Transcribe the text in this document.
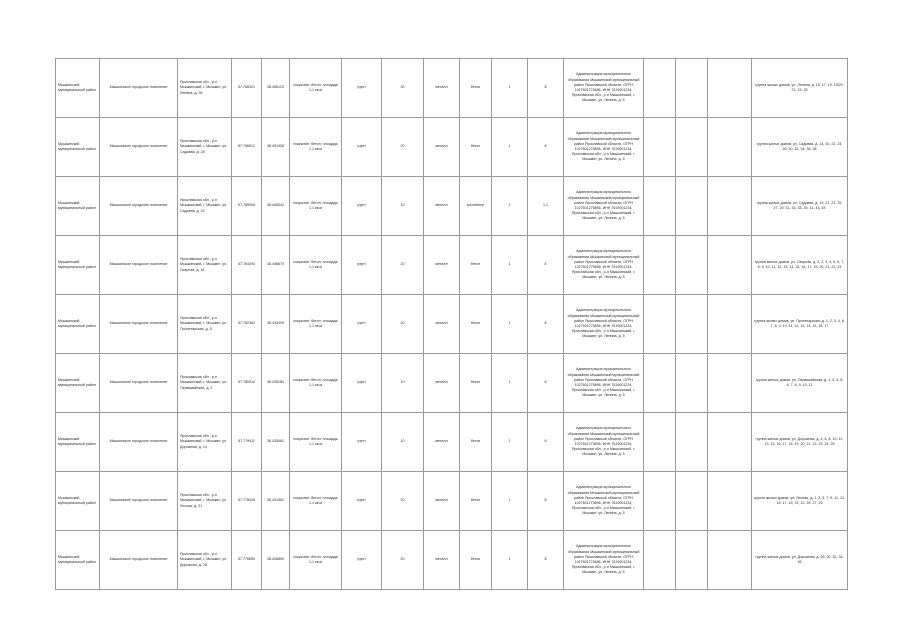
Мышкинский муниципальный район	Мышкинское городское поселение	Ярославская обл., р-н Мышкинский, г. Мышкин, ул. Ленина, д. 26	57.788321	38.456123	покрытие: бетон; площадь 1.1 кв.м	грунт	30	металл	бетон	1	8	Администрация муниципального образования Мышкинский муниципальный район Ярославской области, ОГРН 1027601275896, ИНН 7619001234, Ярославская обл., р-н Мышкинский, г. Мышкин, ул. Ленина, д. 5				группа жилых домов, ул. Ленина, д. 15, 17, 19, 19/20, 21, 23, 25
Мышкинский муниципальный район	Мышкинское городское поселение	Ярославская обл., р-н Мышкинский, г. Мышкин, ул. Садовая, д. 28	57.786612	38.451908	покрытие: бетон; площадь 1.1 кв.м	грунт	20	металл	бетон	1	8	Администрация муниципального образования Мышкинский муниципальный район Ярославской области, ОГРН 1027601275896, ИНН 7619001234, Ярославская обл., р-н Мышкинский, г. Мышкин, ул. Ленина, д. 5				группа жилых домов, ул. Садовая, д. 14, 20, 22, 24, 26, 30, 32, 34, 36, 38
Мышкинский муниципальный район	Мышкинское городское поселение	Ярославская обл., р-н Мышкинский, г. Мышкин, ул. Садовая, д. 42	57.785094	38.448341	покрытие: бетон; площадь 1.1 кв.м	грунт	10	металл	контейнер	1	1.1	Администрация муниципального образования Мышкинский муниципальный район Ярославской области, ОГРН 1027601275896, ИНН 7619001234, Ярославская обл., р-н Мышкинский, г. Мышкин, ул. Ленина, д. 5				группа жилых домов, ул. Садовая, д. 19, 21, 23, 25, 27, 29, 31, 33, 35, 39, 41, 43, 45
Мышкинский муниципальный район	Мышкинское городское поселение	Ярославская обл., р-н Мышкинский, г. Мышкин, ул. Озерная, д. 18	57.784493	38.446673	покрытие: бетон; площадь 1.1 кв.м	грунт	20	металл	бетон	1	8	Администрация муниципального образования Мышкинский муниципальный район Ярославской области, ОГРН 1027601275896, ИНН 7619001234, Ярославская обл., р-н Мышкинский, г. Мышкин, ул. Ленина, д. 5				группа жилых домов, ул. Озерная, д. 1, 2, 3, 4, 5, 6, 7, 8, 9, 10, 11, 12, 13, 14, 15, 16, 17, 19, 20, 21, 22, 24
Мышкинский муниципальный район	Мышкинское городское поселение	Ярославская обл., р-н Мышкинский, г. Мышкин, ул. Пролетарская, д. 5	57.782363	38.443409	покрытие: бетон; площадь 1.1 кв.м	грунт	20	металл	бетон	1	8	Администрация муниципального образования Мышкинский муниципальный район Ярославской области, ОГРН 1027601275896, ИНН 7619001234, Ярославская обл., р-н Мышкинский, г. Мышкин, ул. Ленина, д. 5				группа жилых домов, ул. Пролетарская, д. 1, 2, 3, 4, 6, 7, 8, 9, 10, 11, 12, 13, 14, 15, 16, 17
Мышкинский муниципальный район	Мышкинское городское поселение	Ярославская обл., р-н Мышкинский, г. Мышкин, ул. Первомайская, д. 2	57.780914	38.438183	покрытие: бетон; площадь 1.1 кв.м	грунт	10	металл	бетон	1	8	Администрация муниципального образования Мышкинский муниципальный район Ярославской области, ОГРН 1027601275896, ИНН 7619001234, Ярославская обл., р-н Мышкинский, г. Мышкин, ул. Ленина, д. 5				группа жилых домов, ул. Первомайская, д. 1, 3, 4, 5, 6, 7, 8, 9, 10, 11
Мышкинский муниципальный район	Мышкинское городское поселение	Ярославская обл., р-н Мышкинский, г. Мышкин, ул. Дорожная, д. 14	57.779411	38.435081	покрытие: бетон; площадь 1.1 кв.м	грунт	10	металл	бетон	1	8	Администрация муниципального образования Мышкинский муниципальный район Ярославской области, ОГРН 1027601275896, ИНН 7619001234, Ярославская обл., р-н Мышкинский, г. Мышкин, ул. Ленина, д. 5				группа жилых домов, ул. Дорожная, д. 4, 6, 8, 10, 12, 13, 15, 16, 17, 18, 19, 20, 21, 22, 23, 24, 25
Мышкинский муниципальный район	Мышкинское городское поселение	Ярославская обл., р-н Мышкинский, г. Мышкин, ул. Лесная, д. 31	57.778426	38.431562	покрытие: бетон; площадь 1.1 кв.м	грунт	20	металл	бетон	1	8	Администрация муниципального образования Мышкинский муниципальный район Ярославской области, ОГРН 1027601275896, ИНН 7619001234, Ярославская обл., р-н Мышкинский, г. Мышкин, ул. Ленина, д. 5				группа жилых домов, ул. Лесная, д. 1, 3, 5, 7, 9, 11, 13, 15, 17, 19, 21, 23, 25, 27, 29
Мышкинский муниципальный район	Мышкинское городское поселение	Ярославская обл., р-н Мышкинский, г. Мышкин, ул. Дорожная, д. 28	57.776655	38.428890	покрытие: бетон; площадь 1.1 кв.м	грунт	20	металл	бетон	1	8	Администрация муниципального образования Мышкинский муниципальный район Ярославской области, ОГРН 1027601275896, ИНН 7619001234, Ярославская обл., р-н Мышкинский, г. Мышкин, ул. Ленина, д. 5				группа жилых домов, ул. Дорожная, д. 26, 30, 32, 34, 36
